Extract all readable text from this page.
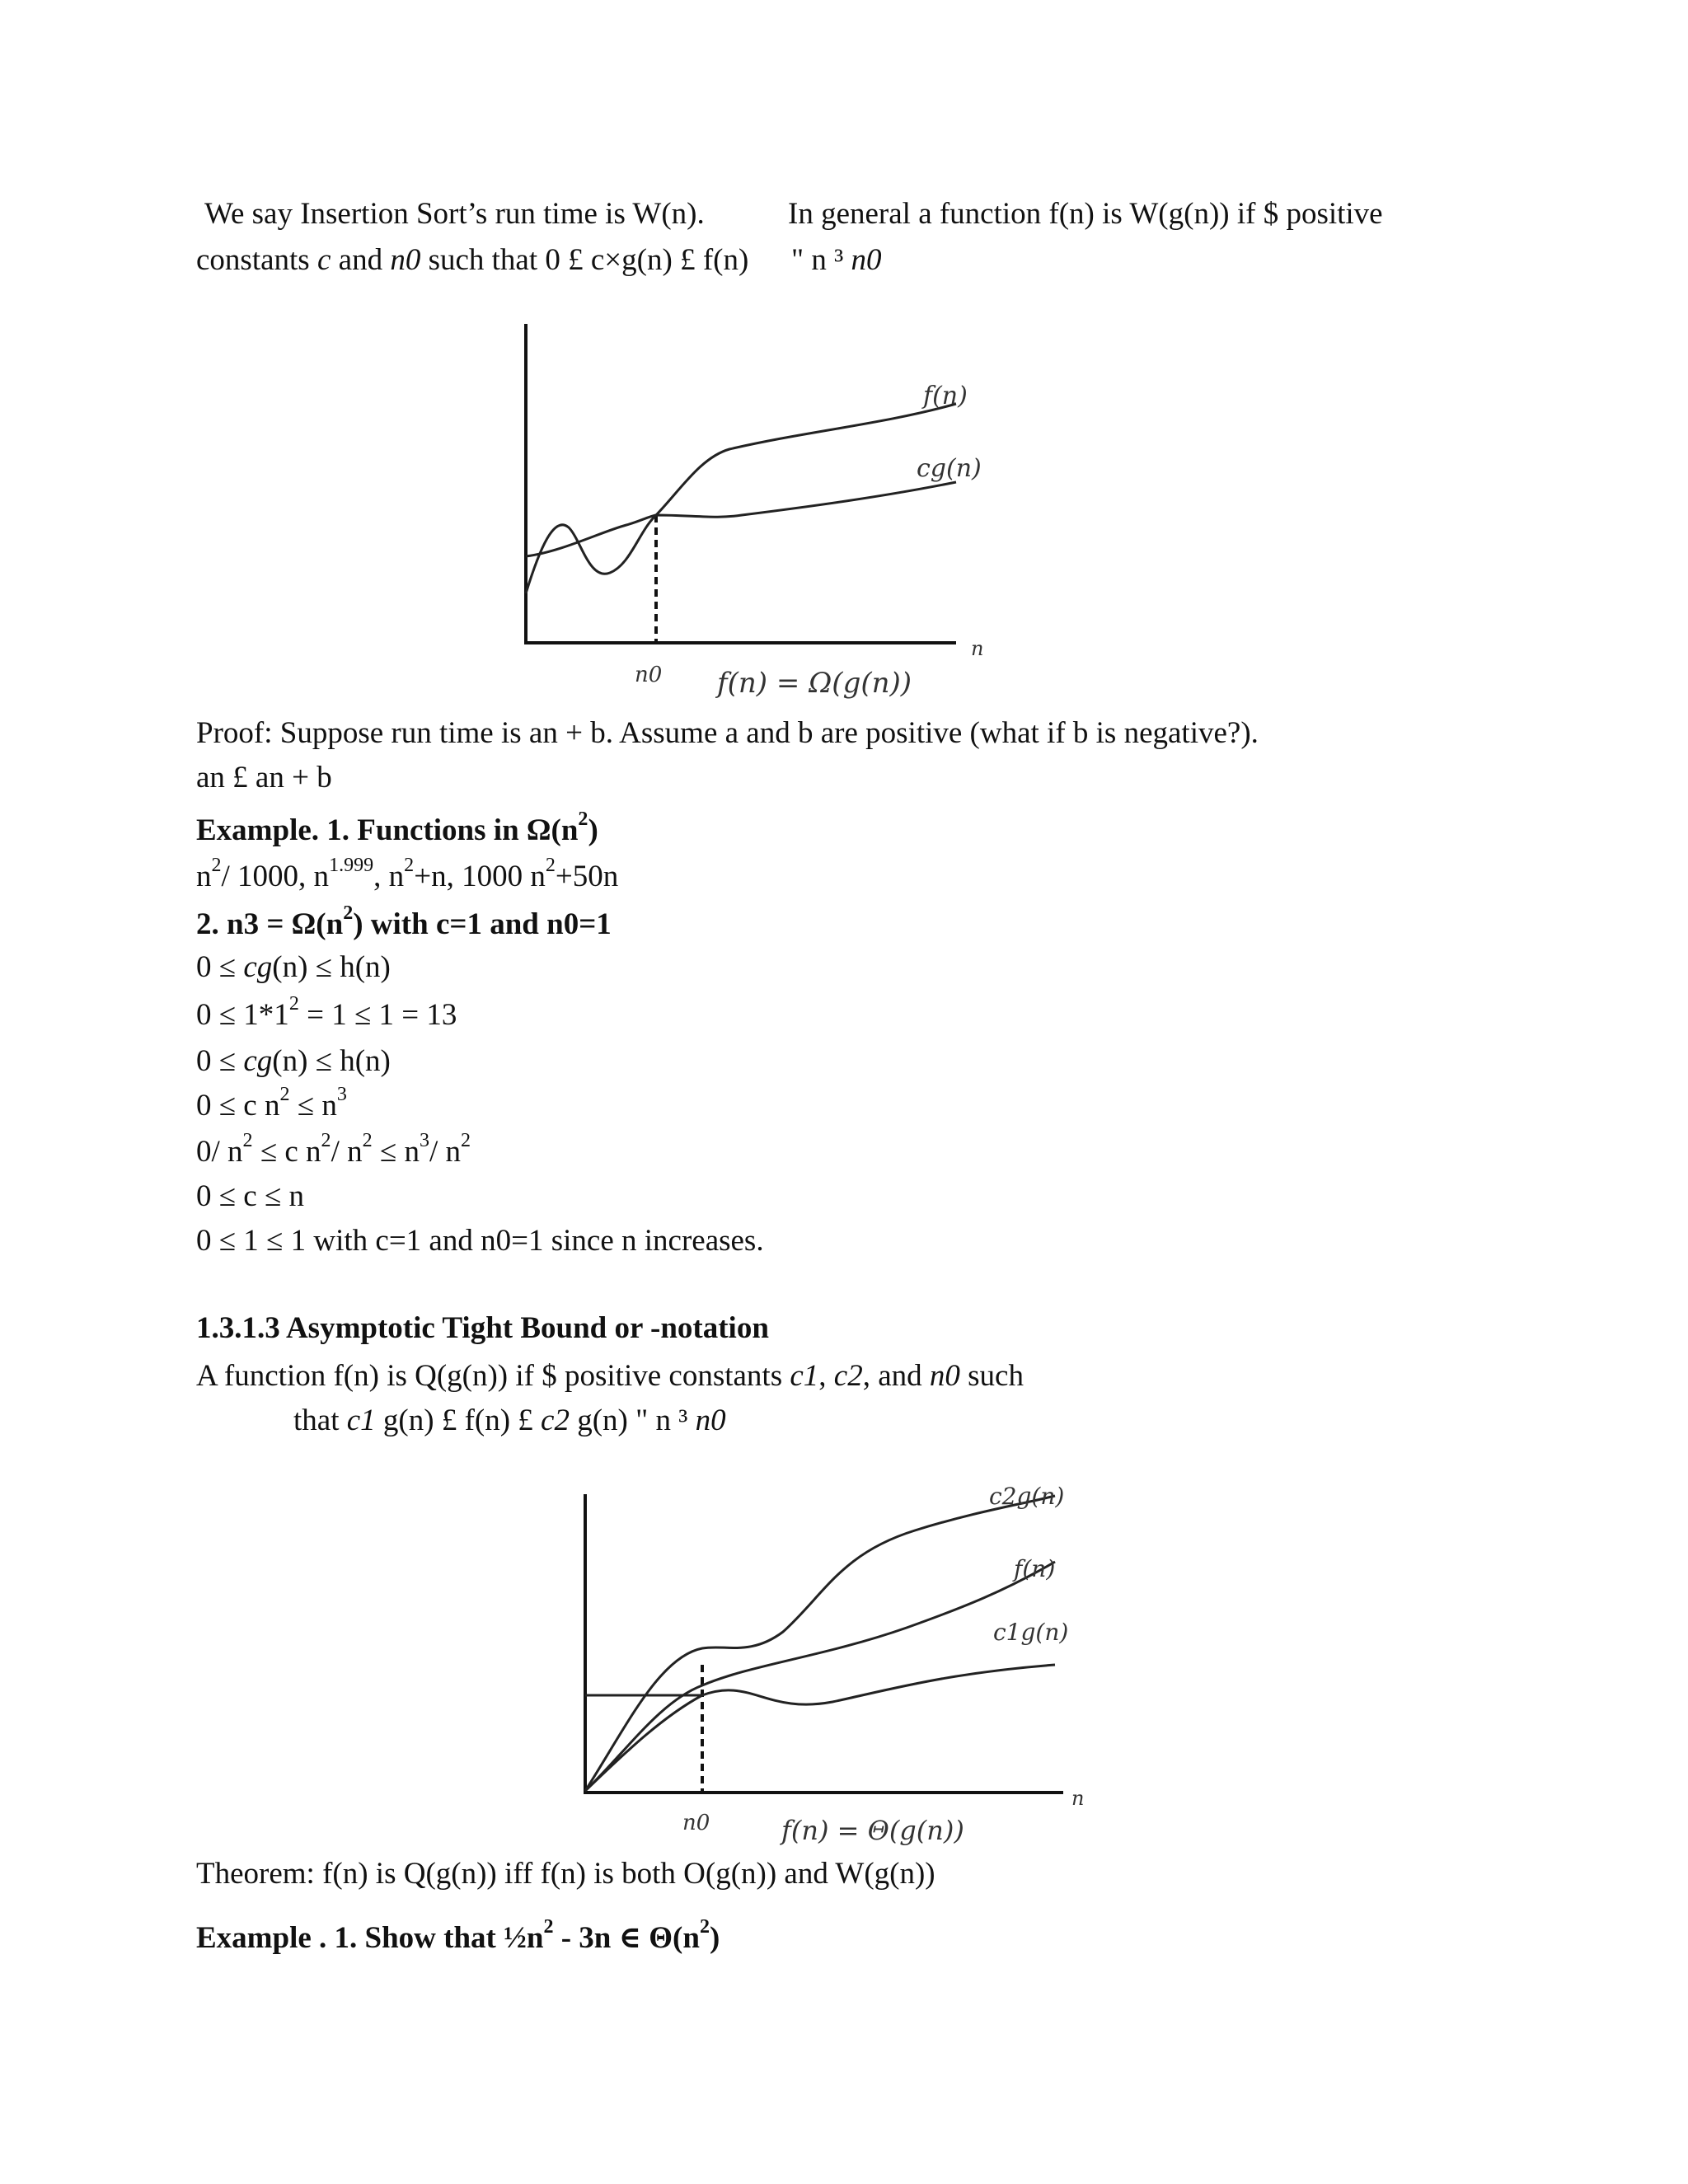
We say Insertion Sort’s run time is W(n).	In general a function f(n) is W(g(n)) if $ positive
constants c and n0 such that 0 £ c×g(n) £ f(n) " n ³ n0
f(n)
cg(n)
n
n0 f(n) = Ω(g(n))
Proof: Suppose run time is an + b. Assume a and b are positive (what if b is negative?).
an £ an + b
Example. 1. Functions in $\Omega(n^2)$
$n^2/$ 1000, $n^{1.999}$, $n^2+n$, 1000 $n^2+50n$
2. $n3 = \Omega(n^2)$ with c=1 and n0=1
0 ≤ cg(n) ≤ h(n)
$0 \le 1*1^2 = 1 \le 1 = 13$
0 ≤ cg(n) ≤ h(n)
0 ≤ c $n^2 \le n^3$
0/ $n^2 \le c$ $n^2/$ $n^2 \le n^3/$ $n^2$
0 ≤ c ≤ n
0 ≤ 1 ≤ 1 with c=1 and n0=1 since n increases.
1.3.1.3 Asymptotic Tight Bound or -notation
A function f(n) is Q(g(n)) if $ positive constants c1, c2, and n0 such
that c1 g(n) £ f(n) £ c2 g(n) " n ³ n0
c2g(n)
f(n)
c1g(n)
n
n0	f(n) = Θ(g(n))
Theorem: f(n) is Q(g(n)) iff f(n) is both O(g(n)) and W(g(n))
Example . 1. Show that $\frac{1}{2}n^2 - 3n$ ∈ $\Theta(n^2)$
